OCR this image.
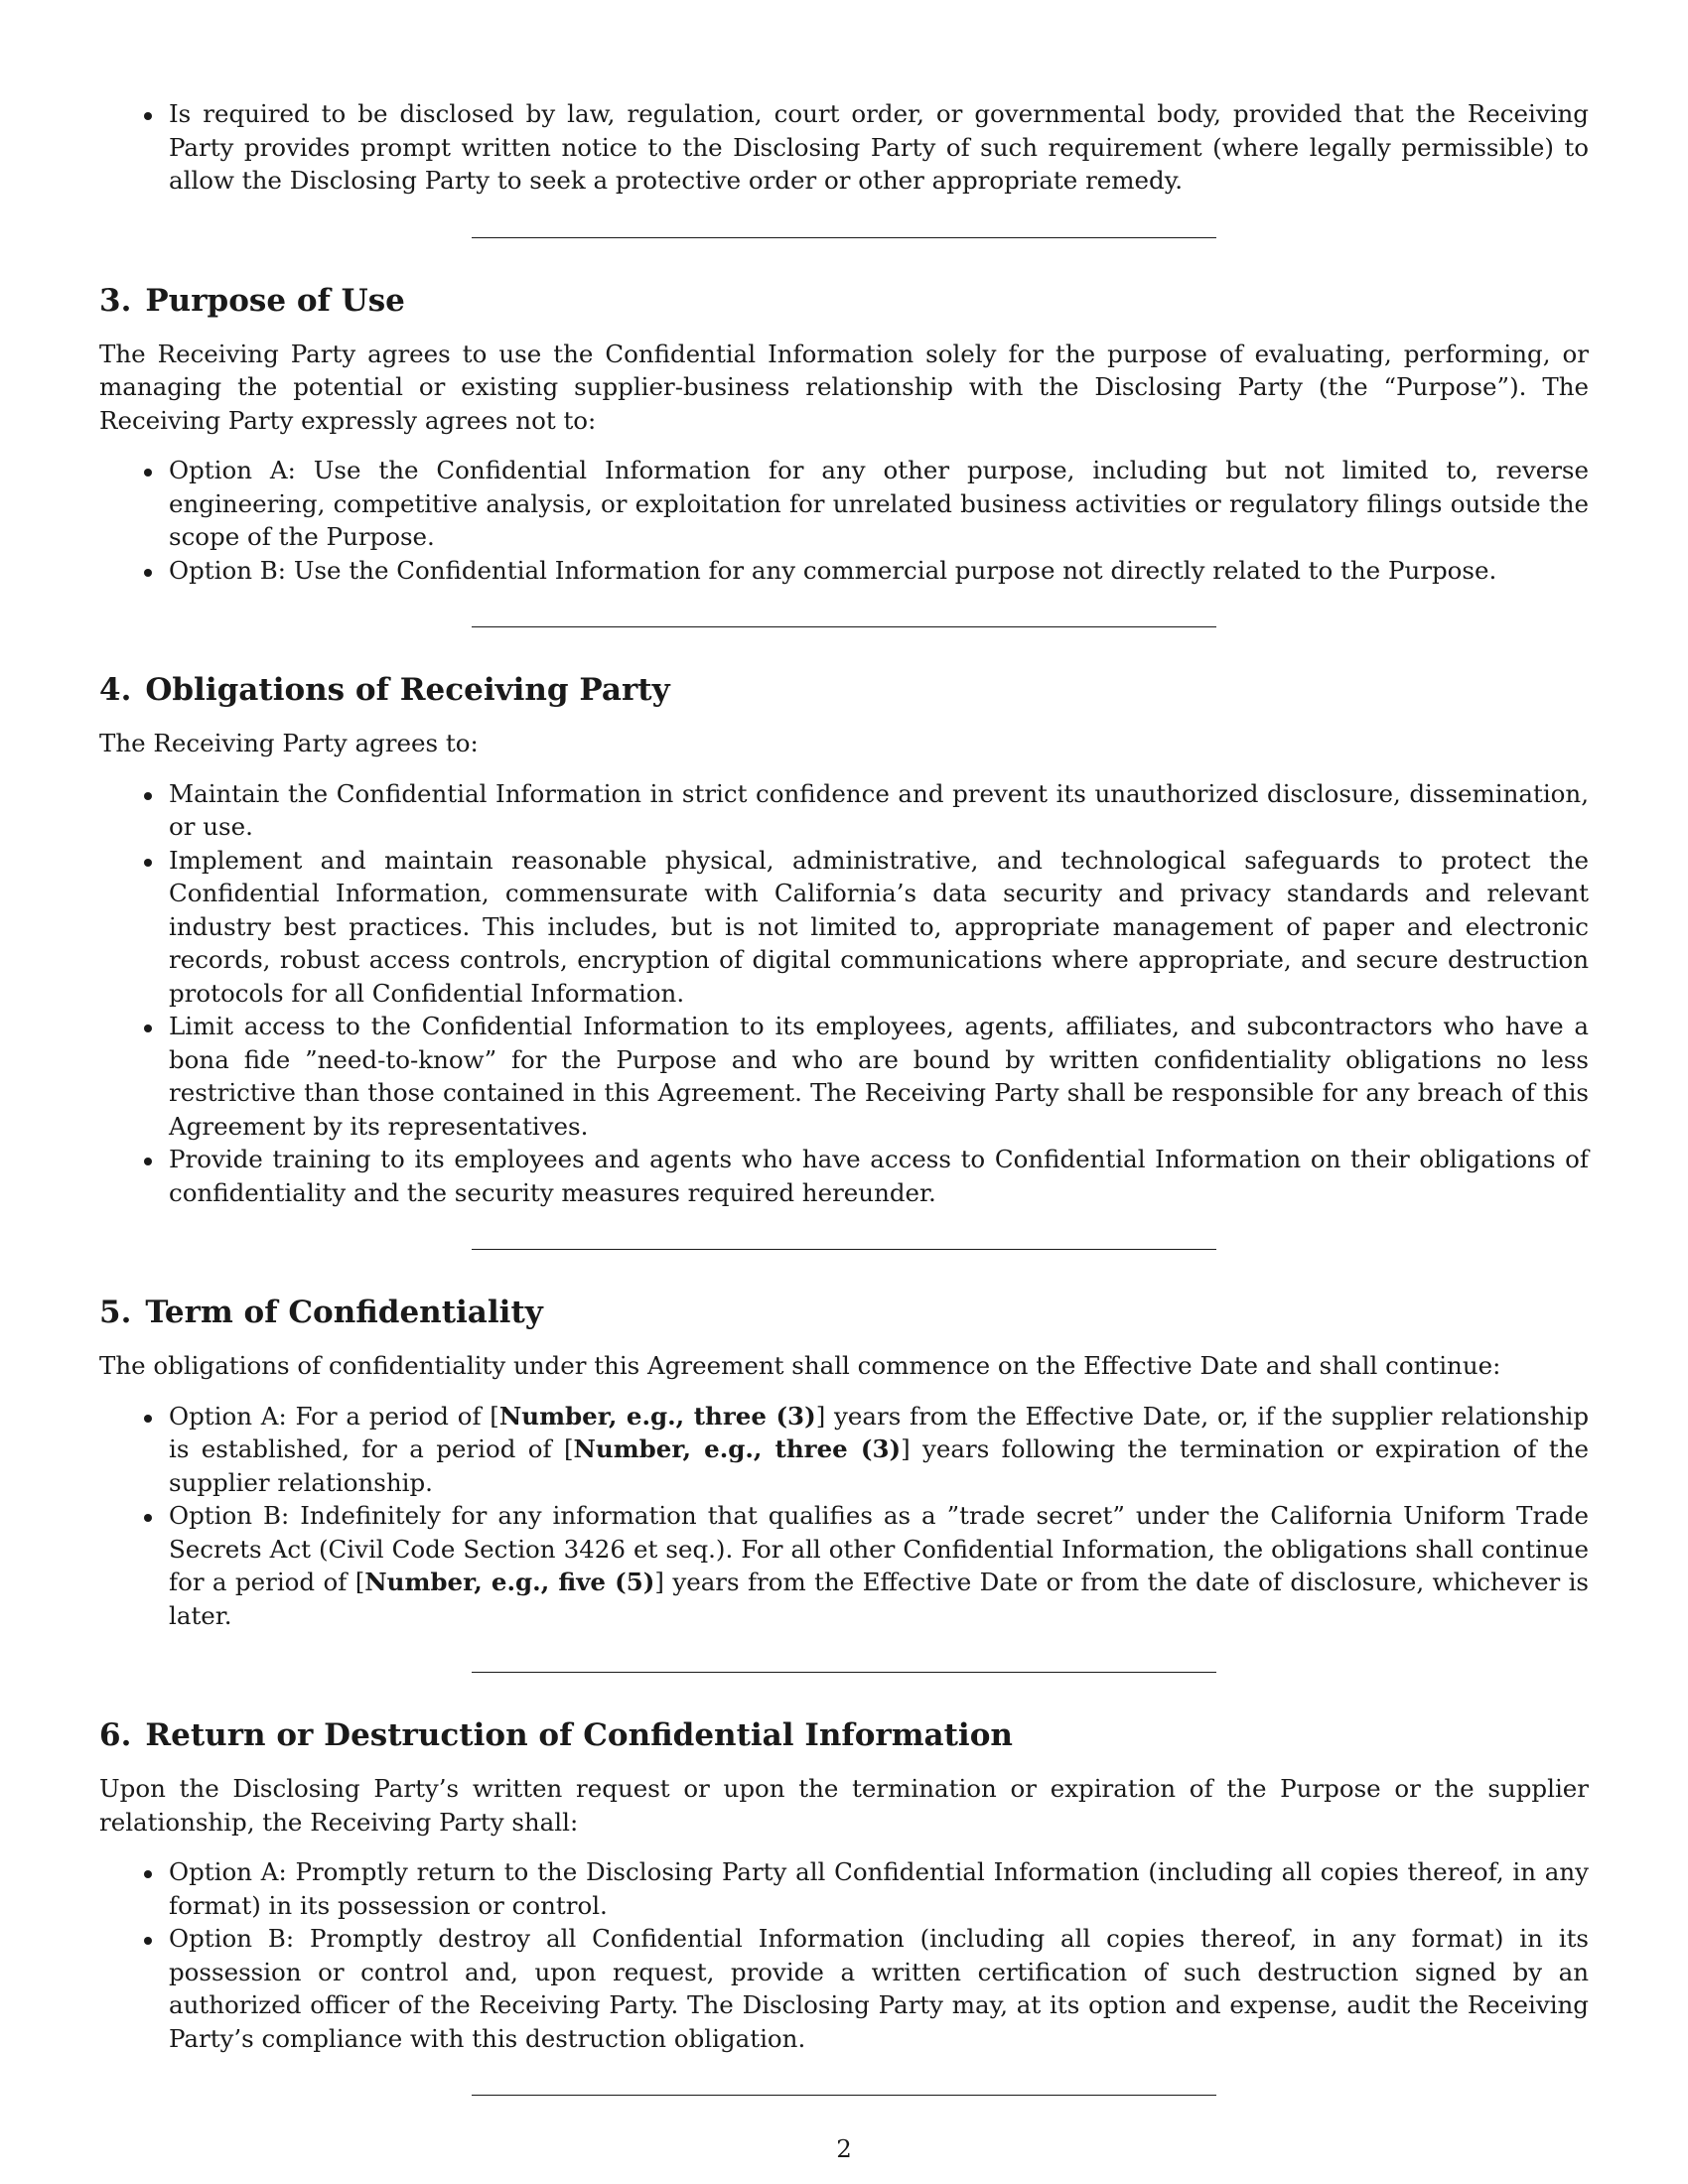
Is required to be disclosed by law, regulation, court order, or governmental body, provided that the Receiving Party provides prompt written notice to the Disclosing Party of such requirement (where legally permissible) to allow the Disclosing Party to seek a protective order or other appropriate remedy.
3. Purpose of Use

The Receiving Party agrees to use the Confidential Information solely for the purpose of evaluating, performing, or managing the potential or existing supplier-business relationship with the Disclosing Party (the “Purpose”). The Receiving Party expressly agrees not to:

Option A: Use the Confidential Information for any other purpose, including but not limited to, reverse engineering, competitive analysis, or exploitation for unrelated business activities or regulatory filings outside the scope of the Purpose.
Option B: Use the Confidential Information for any commercial purpose not directly related to the Purpose.
4. Obligations of Receiving Party

The Receiving Party agrees to:

Maintain the Confidential Information in strict confidence and prevent its unauthorized disclosure, dissemination, or use.
Implement and maintain reasonable physical, administrative, and technological safeguards to protect the Confidential Information, commensurate with California’s data security and privacy standards and relevant industry best practices. This includes, but is not limited to, appropriate management of paper and electronic records, robust access controls, encryption of digital communications where appropriate, and secure destruction protocols for all Confidential Information.
Limit access to the Confidential Information to its employees, agents, affiliates, and subcontractors who have a bona fide ”need-to-know” for the Purpose and who are bound by written confidentiality obligations no less restrictive than those contained in this Agreement. The Receiving Party shall be responsible for any breach of this Agreement by its representatives.
Provide training to its employees and agents who have access to Confidential Information on their obligations of confidentiality and the security measures required hereunder.
5. Term of Confidentiality

The obligations of confidentiality under this Agreement shall commence on the Effective Date and shall continue:

Option A: For a period of [Number, e.g., three (3)] years from the Effective Date, or, if the supplier relationship is established, for a period of [Number, e.g., three (3)] years following the termination or expiration of the supplier relationship.
Option B: Indefinitely for any information that qualifies as a ”trade secret” under the California Uniform Trade Secrets Act (Civil Code Section 3426 et seq.). For all other Confidential Information, the obligations shall continue for a period of [Number, e.g., five (5)] years from the Effective Date or from the date of disclosure, whichever is later.
6. Return or Destruction of Confidential Information

Upon the Disclosing Party’s written request or upon the termination or expiration of the Purpose or the supplier relationship, the Receiving Party shall:

Option A: Promptly return to the Disclosing Party all Confidential Information (including all copies thereof, in any format) in its possession or control.
Option B: Promptly destroy all Confidential Information (including all copies thereof, in any format) in its possession or control and, upon request, provide a written certification of such destruction signed by an authorized officer of the Receiving Party. The Disclosing Party may, at its option and expense, audit the Receiving Party’s compliance with this destruction obligation.
2
